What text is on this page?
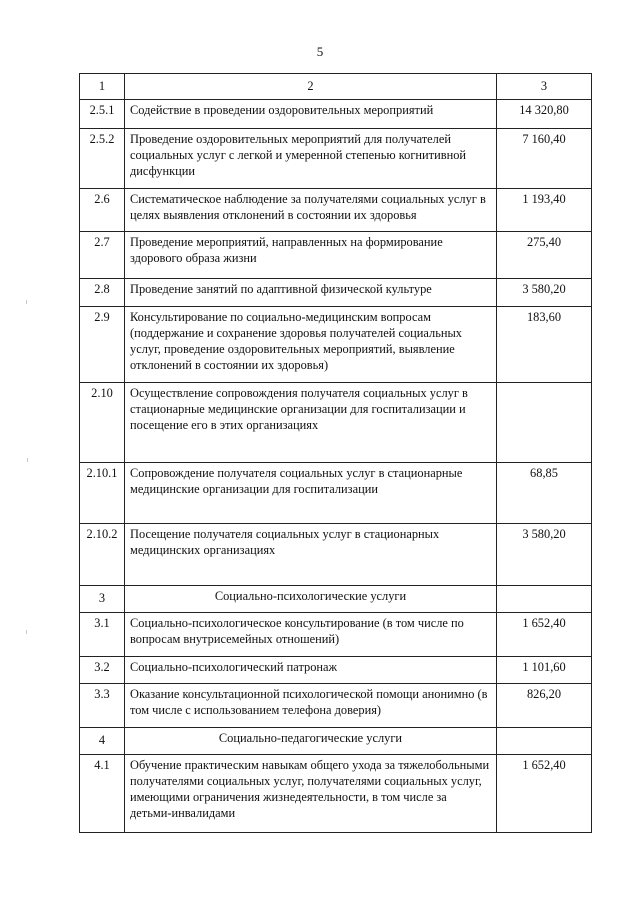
5
1	2	3
2.5.1	Содействие в проведении оздоровительных мероприятий	14 320,80
2.5.2	Проведение оздоровительных мероприятий для получателей социальных услуг с легкой и умеренной степенью когнитивной дисфункции	7 160,40
2.6	Систематическое наблюдение за получателями социальных услуг в целях выявления отклонений в состоянии их здоровья	1 193,40
2.7	Проведение мероприятий, направленных на формирование здорового образа жизни	275,40
2.8	Проведение занятий по адаптивной физической культуре	3 580,20
2.9	Консультирование по социально-медицинским вопросам (поддержание и сохранение здоровья получателей социальных услуг, проведение оздоровительных мероприятий, выявление отклонений в состоянии их здоровья)	183,60
2.10	Осуществление сопровождения получателя социальных услуг в стационарные медицинские организации для госпитализации и посещение его в этих организациях	
2.10.1	Сопровождение получателя социальных услуг в стационарные медицинские организации для госпитализации	68,85
2.10.2	Посещение получателя социальных услуг в стационарных медицинских организациях	3 580,20
3	Социально-психологические услуги	
3.1	Социально-психологическое консультирование (в том числе по вопросам внутрисемейных отношений)	1 652,40
3.2	Социально-психологический патронаж	1 101,60
3.3	Оказание консультационной психологической помощи анонимно (в том числе с использованием телефона доверия)	826,20
4	Социально-педагогические услуги	
4.1	Обучение практическим навыкам общего ухода за тяжелобольными получателями социальных услуг, получателями социальных услуг, имеющими ограничения жизнедеятельности, в том числе за детьми-инвалидами	1 652,40
